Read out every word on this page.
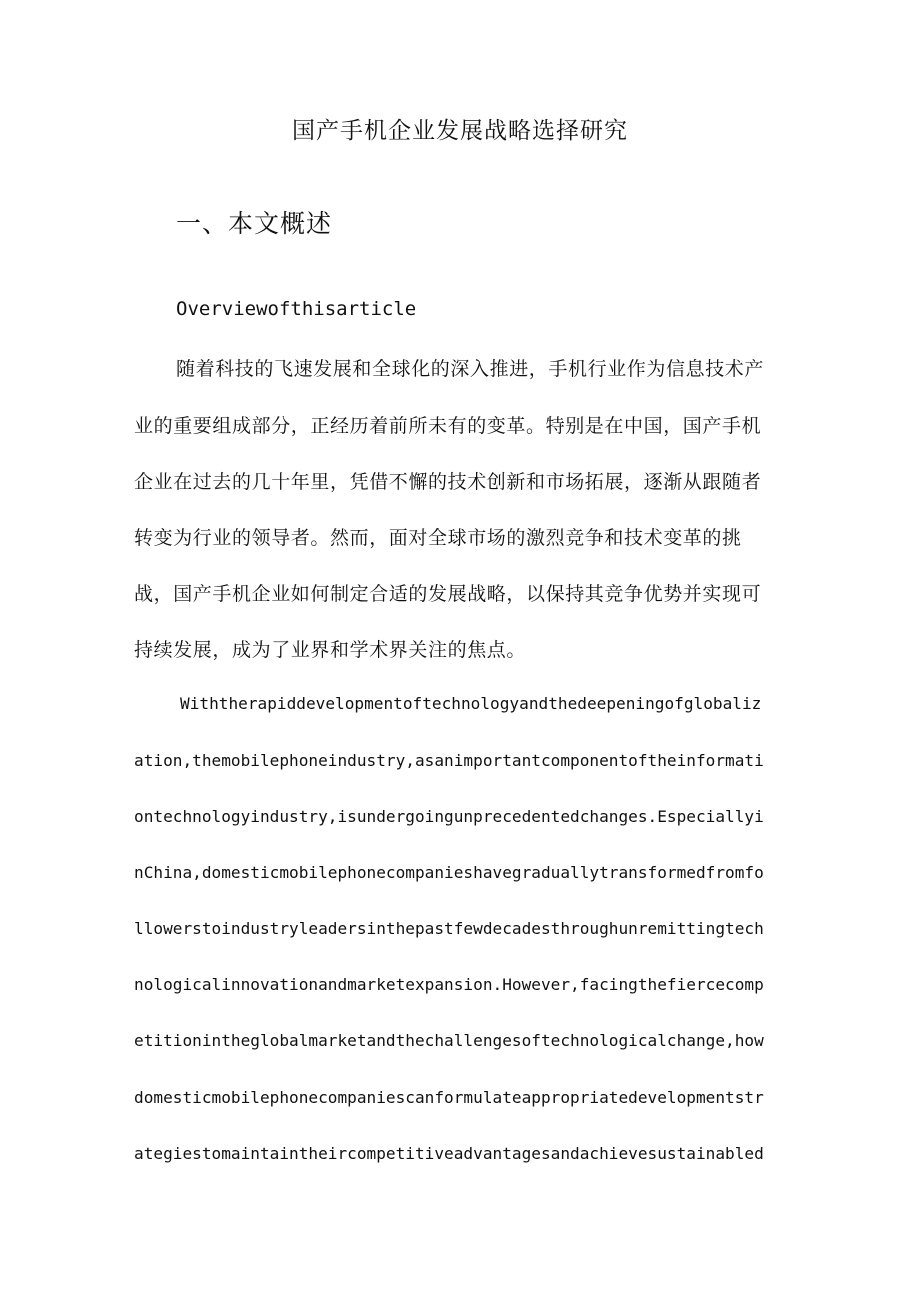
国产手机企业发展战略选择研究
一、本文概述
Overviewofthisarticle
随着科技的飞速发展和全球化的深入推进，手机行业作为信息技术产
业的重要组成部分，正经历着前所未有的变革。特别是在中国，国产手机
企业在过去的几十年里，凭借不懈的技术创新和市场拓展，逐渐从跟随者
转变为行业的领导者。然而，面对全球市场的激烈竞争和技术变革的挑
战，国产手机企业如何制定合适的发展战略，以保持其竞争优势并实现可
持续发展，成为了业界和学术界关注的焦点。
Withtherapiddevelopmentoftechnologyandthedeepeningofglobaliz
ation,themobilephoneindustry,asanimportantcomponentoftheinformati
ontechnologyindustry,isundergoingunprecedentedchanges.Especiallyi
nChina,domesticmobilephonecompanieshavegraduallytransformedfromfo
llowerstoindustryleadersinthepastfewdecadesthroughunremittingtech
nologicalinnovationandmarketexpansion.However,facingthefiercecomp
etitionintheglobalmarketandthechallengesoftechnologicalchange,how
domesticmobilephonecompaniescanformulateappropriatedevelopmentstr
ategiestomaintaintheircompetitiveadvantagesandachievesustainabled
